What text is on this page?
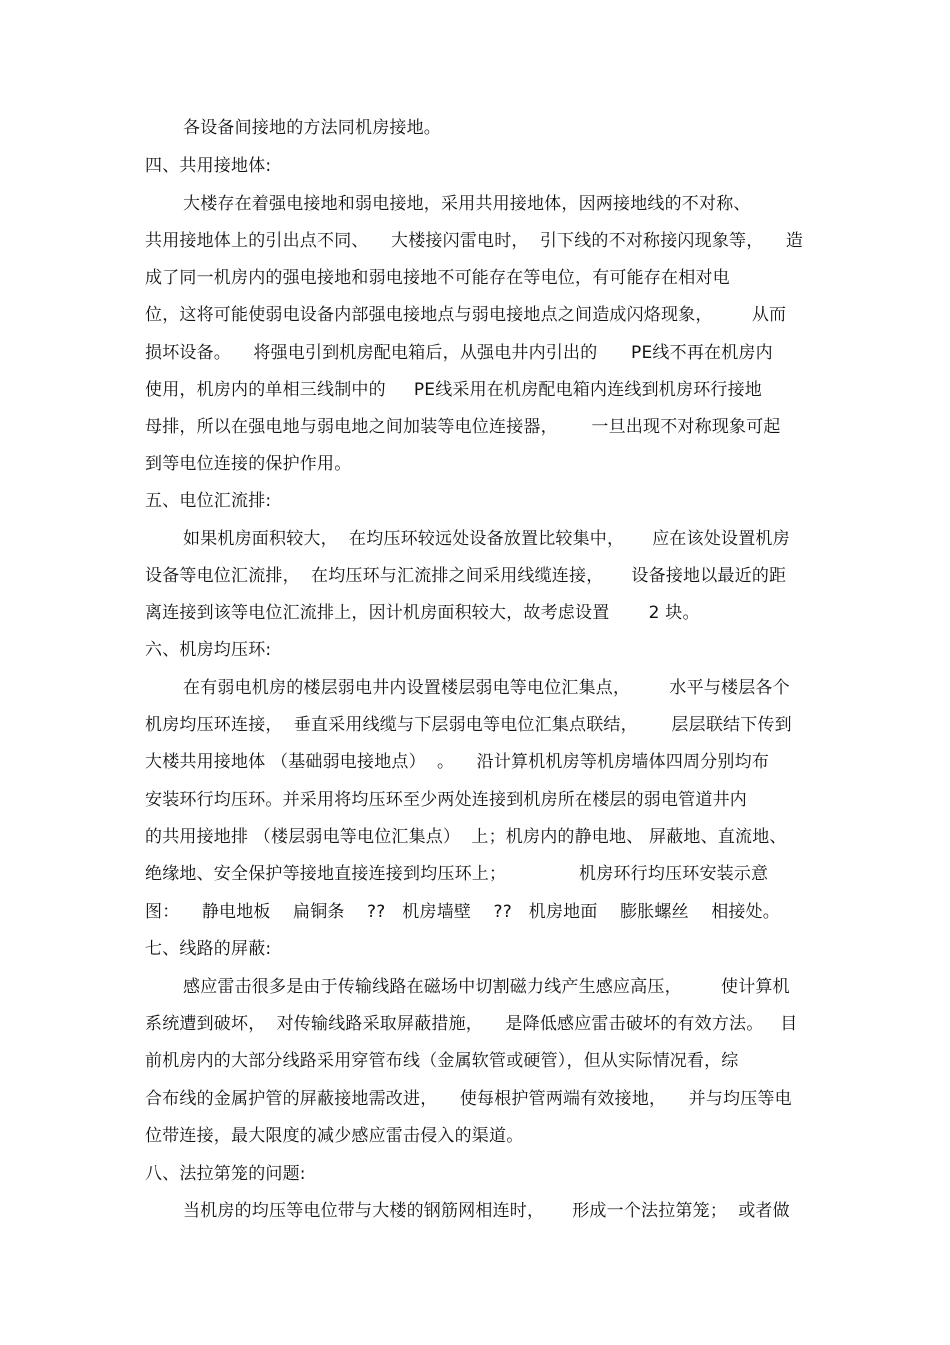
各设备间接地的方法同机房接地。
四、共用接地体:
大楼存在着强电接地和弱电接地，采用共用接地体，因两接地线的不对称、
共用接地体上的引出点不同、    大楼接闪雷电时，  引下线的不对称接闪现象等，    造
成了同一机房内的强电接地和弱电接地不可能存在等电位，有可能存在相对电
位，这将可能使弱电设备内部强电接地点与弱电接地点之间造成闪烙现象，       从而
损坏设备。    将强电引到机房配电箱后，从强电井内引出的      PE线不再在机房内
使用，机房内的单相三线制中的     PE线采用在机房配电箱内连线到机房环行接地
母排，所以在强电地与弱电地之间加装等电位连接器，      一旦出现不对称现象可起
到等电位连接的保护作用。
五、电位汇流排:
如果机房面积较大，  在均压环较远处设备放置比较集中，     应在该处设置机房
设备等电位汇流排，  在均压环与汇流排之间采用线缆连接，     设备接地以最近的距
离连接到该等电位汇流排上，因计机房面积较大，故考虑设置       2 块。
六、机房均压环:
在有弱电机房的楼层弱电井内设置楼层弱电等电位汇集点，       水平与楼层各个
机房均压环连接，  垂直采用线缆与下层弱电等电位汇集点联结，      层层联结下传到
大楼共用接地体 （基础弱电接地点）  。    沿计算机机房等机房墙体四周分别均布
安装环行均压环。并采用将均压环至少两处连接到机房所在楼层的弱电管道井内
的共用接地排 （楼层弱电等电位汇集点）  上；机房内的静电地、 屏蔽地、直流地、
绝缘地、安全保护等接地直接连接到均压环上；             机房环行均压环安装示意
图：    静电地板    扁铜条    ??   机房墙壁    ??   机房地面    膨胀螺丝    相接处。
七、线路的屏蔽:
感应雷击很多是由于传输线路在磁场中切割磁力线产生感应高压，       使计算机
系统遭到破坏，  对传输线路采取屏蔽措施，    是降低感应雷击破坏的有效方法。   目
前机房内的大部分线路采用穿管布线（金属软管或硬管），但从实际情况看，综
合布线的金属护管的屏蔽接地需改进，    使每根护管两端有效接地，    并与均压等电
位带连接，最大限度的减少感应雷击侵入的渠道。
八、法拉第笼的问题:
当机房的均压等电位带与大楼的钢筋网相连时，     形成一个法拉第笼；  或者做
